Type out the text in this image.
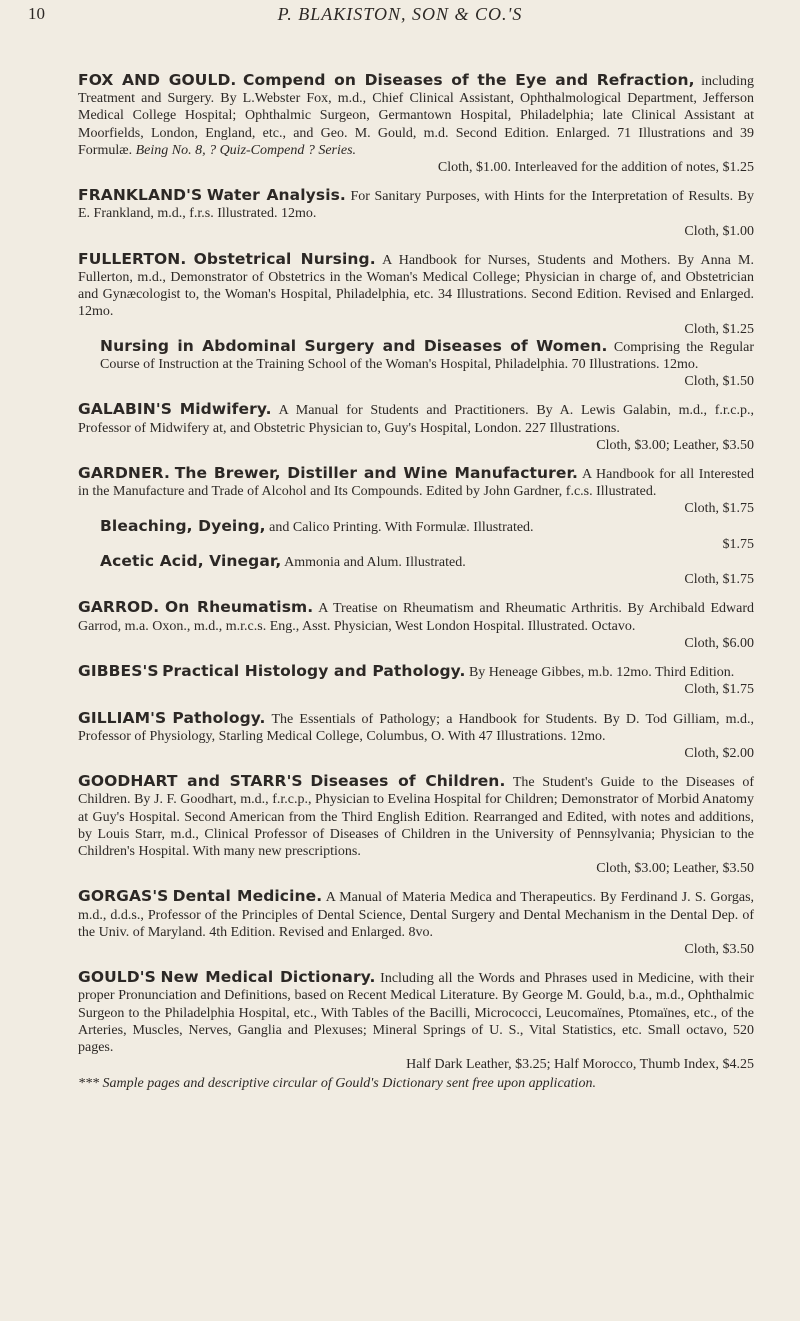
10	P. BLAKISTON, SON & CO.'S
FOX AND GOULD. Compend on Diseases of the Eye and Refraction, including Treatment and Surgery. By L.Webster Fox, m.d., Chief Clinical Assistant, Ophthalmological Department, Jefferson Medical College Hospital; Ophthalmic Surgeon, Germantown Hospital, Philadelphia; late Clinical Assistant at Moorfields, London, England, etc., and Geo. M. Gould, m.d. Second Edition. Enlarged. 71 Illustrations and 39 Formulæ. Being No. 8, ? Quiz-Compend ? Series.
Cloth, $1.00. Interleaved for the addition of notes, $1.25
FRANKLAND'S Water Analysis. For Sanitary Purposes, with Hints for the Interpretation of Results. By E. Frankland, m.d., f.r.s. Illustrated. 12mo.
Cloth, $1.00
FULLERTON. Obstetrical Nursing. A Handbook for Nurses, Students and Mothers. By Anna M. Fullerton, m.d., Demonstrator of Obstetrics in the Woman's Medical College; Physician in charge of, and Obstetrician and Gynæcologist to, the Woman's Hospital, Philadelphia, etc. 34 Illustrations. Second Edition. Revised and Enlarged. 12mo.
Cloth, $1.25
Nursing in Abdominal Surgery and Diseases of Women. Comprising the Regular Course of Instruction at the Training School of the Woman's Hospital, Philadelphia. 70 Illustrations. 12mo.
Cloth, $1.50
GALABIN'S Midwifery. A Manual for Students and Practitioners. By A. Lewis Galabin, m.d., f.r.c.p., Professor of Midwifery at, and Obstetric Physician to, Guy's Hospital, London. 227 Illustrations.
Cloth, $3.00; Leather, $3.50
GARDNER. The Brewer, Distiller and Wine Manufacturer. A Handbook for all Interested in the Manufacture and Trade of Alcohol and Its Compounds. Edited by John Gardner, f.c.s. Illustrated.
Cloth, $1.75
Bleaching, Dyeing, and Calico Printing. With Formulæ. Illustrated.
$1.75
Acetic Acid, Vinegar, Ammonia and Alum. Illustrated.
Cloth, $1.75
GARROD. On Rheumatism. A Treatise on Rheumatism and Rheumatic Arthritis. By Archibald Edward Garrod, m.a. Oxon., m.d., m.r.c.s. Eng., Asst. Physician, West London Hospital. Illustrated. Octavo.
Cloth, $6.00
GIBBES'S Practical Histology and Pathology. By Heneage Gibbes, m.b. 12mo. Third Edition.
Cloth, $1.75
GILLIAM'S Pathology. The Essentials of Pathology; a Handbook for Students. By D. Tod Gilliam, m.d., Professor of Physiology, Starling Medical College, Columbus, O. With 47 Illustrations. 12mo.
Cloth, $2.00
GOODHART and STARR'S Diseases of Children. The Student's Guide to the Diseases of Children. By J. F. Goodhart, m.d., f.r.c.p., Physician to Evelina Hospital for Children; Demonstrator of Morbid Anatomy at Guy's Hospital. Second American from the Third English Edition. Rearranged and Edited, with notes and additions, by Louis Starr, m.d., Clinical Professor of Diseases of Children in the University of Pennsylvania; Physician to the Children's Hospital. With many new prescriptions.
Cloth, $3.00; Leather, $3.50
GORGAS'S Dental Medicine. A Manual of Materia Medica and Therapeutics. By Ferdinand J. S. Gorgas, m.d., d.d.s., Professor of the Principles of Dental Science, Dental Surgery and Dental Mechanism in the Dental Dep. of the Univ. of Maryland. 4th Edition. Revised and Enlarged. 8vo.
Cloth, $3.50
GOULD'S New Medical Dictionary. Including all the Words and Phrases used in Medicine, with their proper Pronunciation and Definitions, based on Recent Medical Literature. By George M. Gould, b.a., m.d., Ophthalmic Surgeon to the Philadelphia Hospital, etc., With Tables of the Bacilli, Micrococci, Leucomaïnes, Ptomaïnes, etc., of the Arteries, Muscles, Nerves, Ganglia and Plexuses; Mineral Springs of U. S., Vital Statistics, etc. Small octavo, 520 pages.
Half Dark Leather, $3.25; Half Morocco, Thumb Index, $4.25
*** Sample pages and descriptive circular of Gould's Dictionary sent free upon application.
